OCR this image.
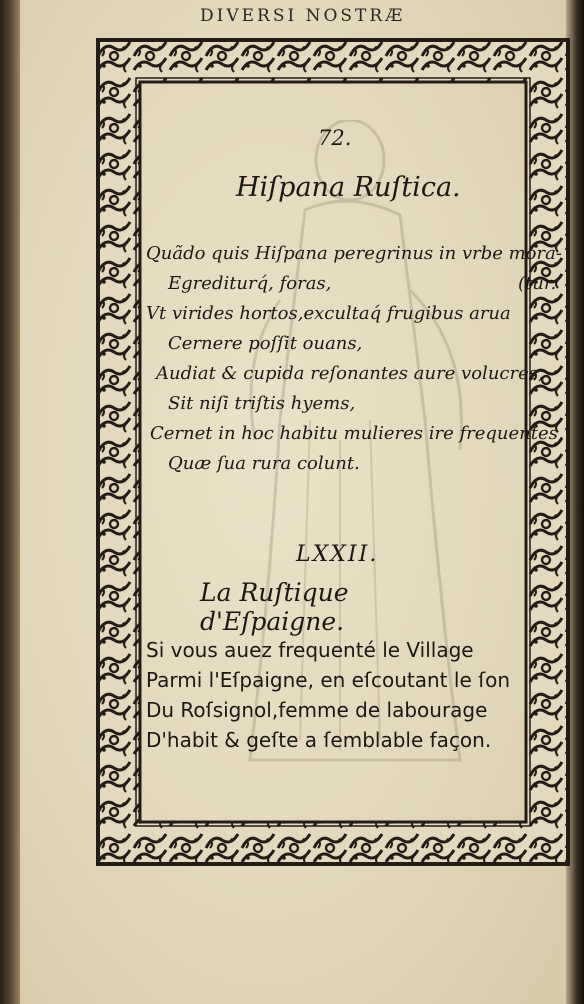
DIVERSI NOSTRÆ
72.
Hiſpana Ruſtica.
Quãdo quis Hiſpana peregrinus in vrbe mora-
Egrediturq́, foras,
Vt virides hortos,excultaq́ frugibus arua
Cernere poſſit ouans,
Audiat & cupida reſonantes aure volucres,
Sit niſi triſtis hyems,
Cernet in hoc habitu mulieres ire frequentes,
Quæ ſua rura colunt.
(tur.
LXXII.
La Ruſtique d'Eſpaigne.
Si vous auez frequenté le Village
Parmi l'Eſpaigne, en eſcoutant le ſon
Du Roſsignol,femme de labourage
D'habit & geſte a ſemblable façon.
